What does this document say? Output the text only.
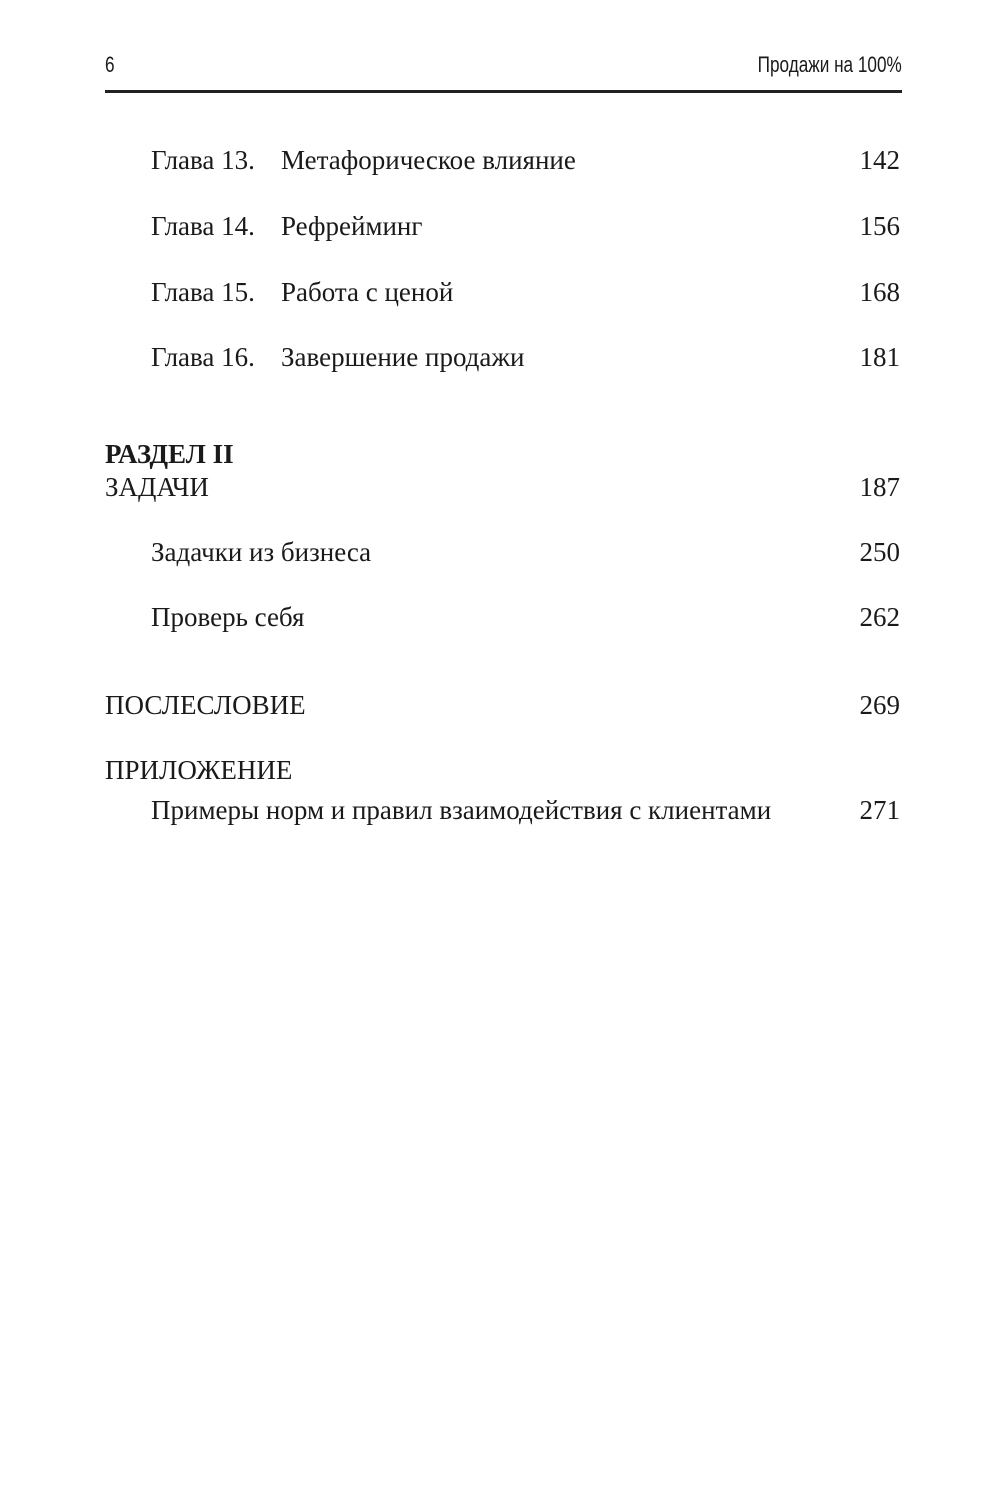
6	Продажи на 100%
Глава 13. Метафорическое влияние	142
Глава 14. Рефрейминг	156
Глава 15. Работа с ценой	168
Глава 16. Завершение продажи	181
РАЗДЕЛ II
ЗАДАЧИ	187
Задачки из бизнеса	250
Проверь себя	262
ПОСЛЕСЛОВИЕ	269
ПРИЛОЖЕНИЕ
Примеры норм и правил взаимодействия с клиентами	271
